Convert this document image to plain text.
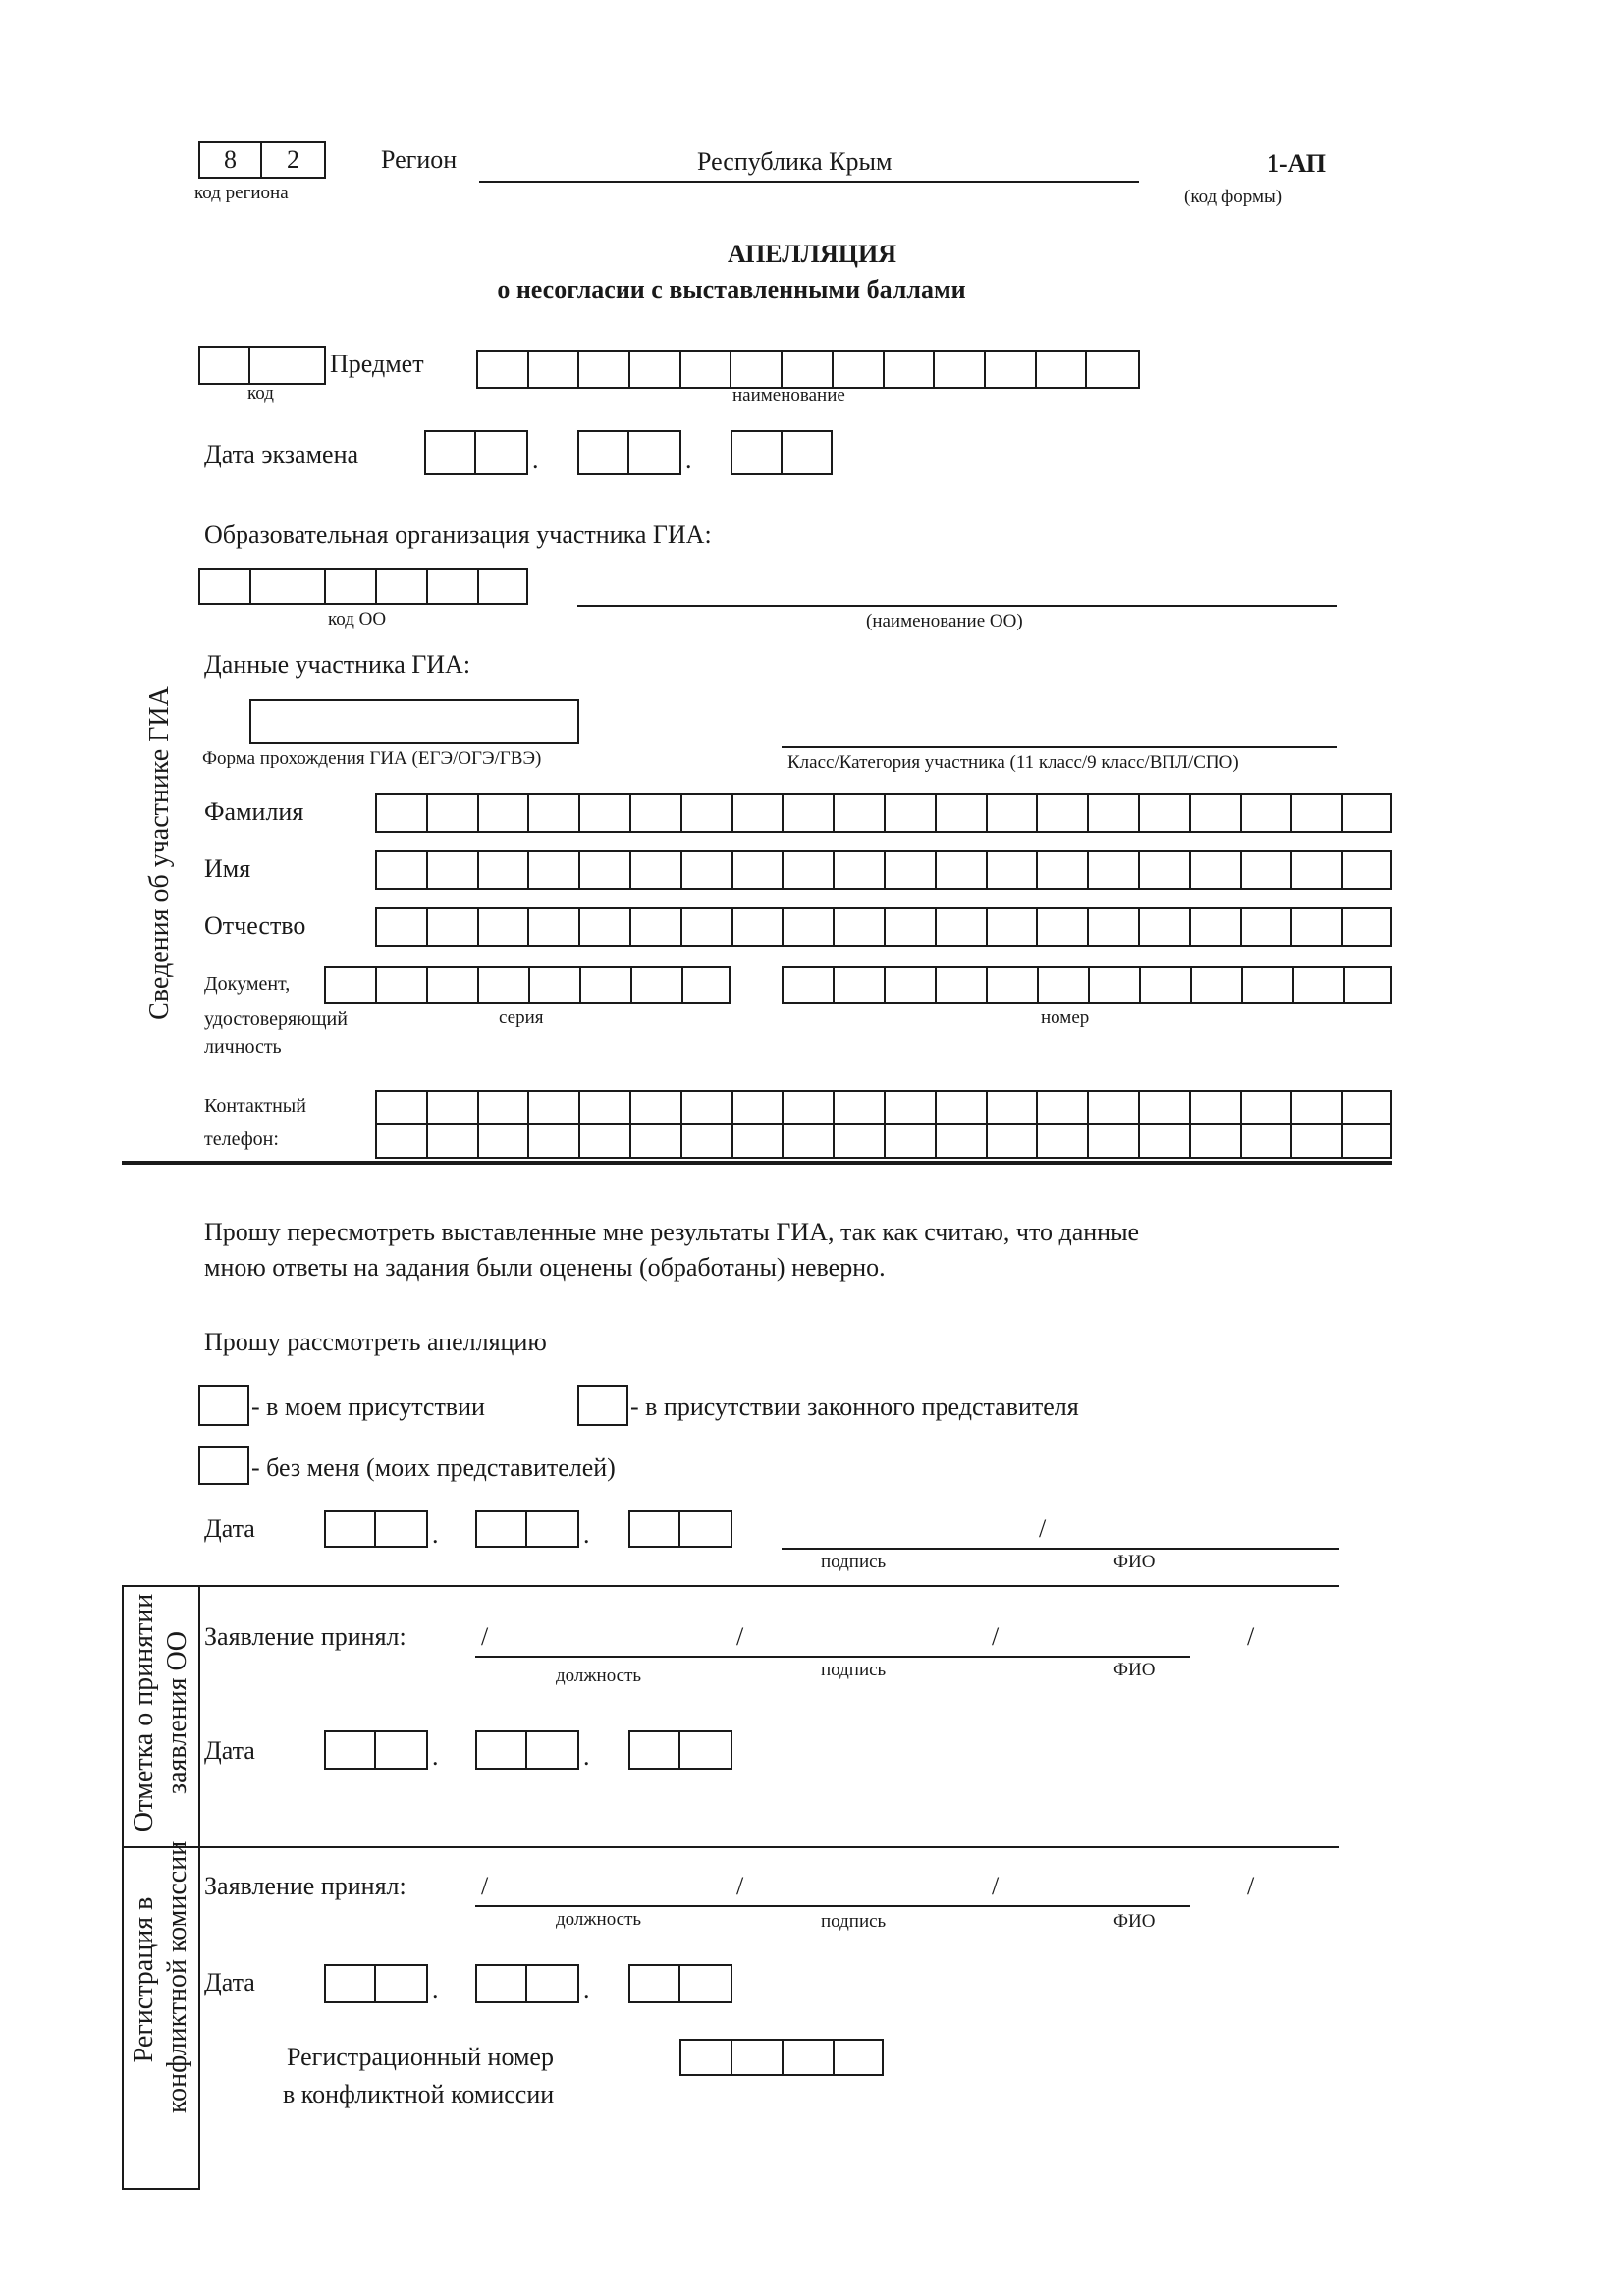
8	2
код региона
Регион	Республика Крым	1-АП
(код формы)
АПЕЛЛЯЦИЯ
о несогласии с выставленными баллами
Предмет
код	наименование
Дата экзамена	.	.
Образовательная организация участника ГИА:
код ОО	(наименование ОО)
Сведения об участнике ГИА
Данные участника ГИА:
Форма прохождения ГИА (ЕГЭ/ОГЭ/ГВЭ)	Класс/Категория участника (11 класс/9 класс/ВПЛ/СПО)
Фамилия
Имя
Отчество
Документ,
удостоверяющий
личность
серия	номер
Контактный
телефон:
Прошу пересмотреть выставленные мне результаты ГИА, так как считаю, что данные
мною ответы на задания были оценены (обработаны) неверно.
Прошу рассмотреть апелляцию
- в моем присутствии	- в присутствии законного представителя
- без меня (моих представителей)
Дата	.	.	/
подпись	ФИО
Отметка о принятии заявления ОО Заявление принял:	/	/	/	/
должность	подпись	ФИО
Дата	.	.
Регистрация в конфликтной комиссии Заявление принял:	/	/	/	/
должность	подпись	ФИО
Дата	.	.
Регистрационный номер
в конфликтной комиссии
